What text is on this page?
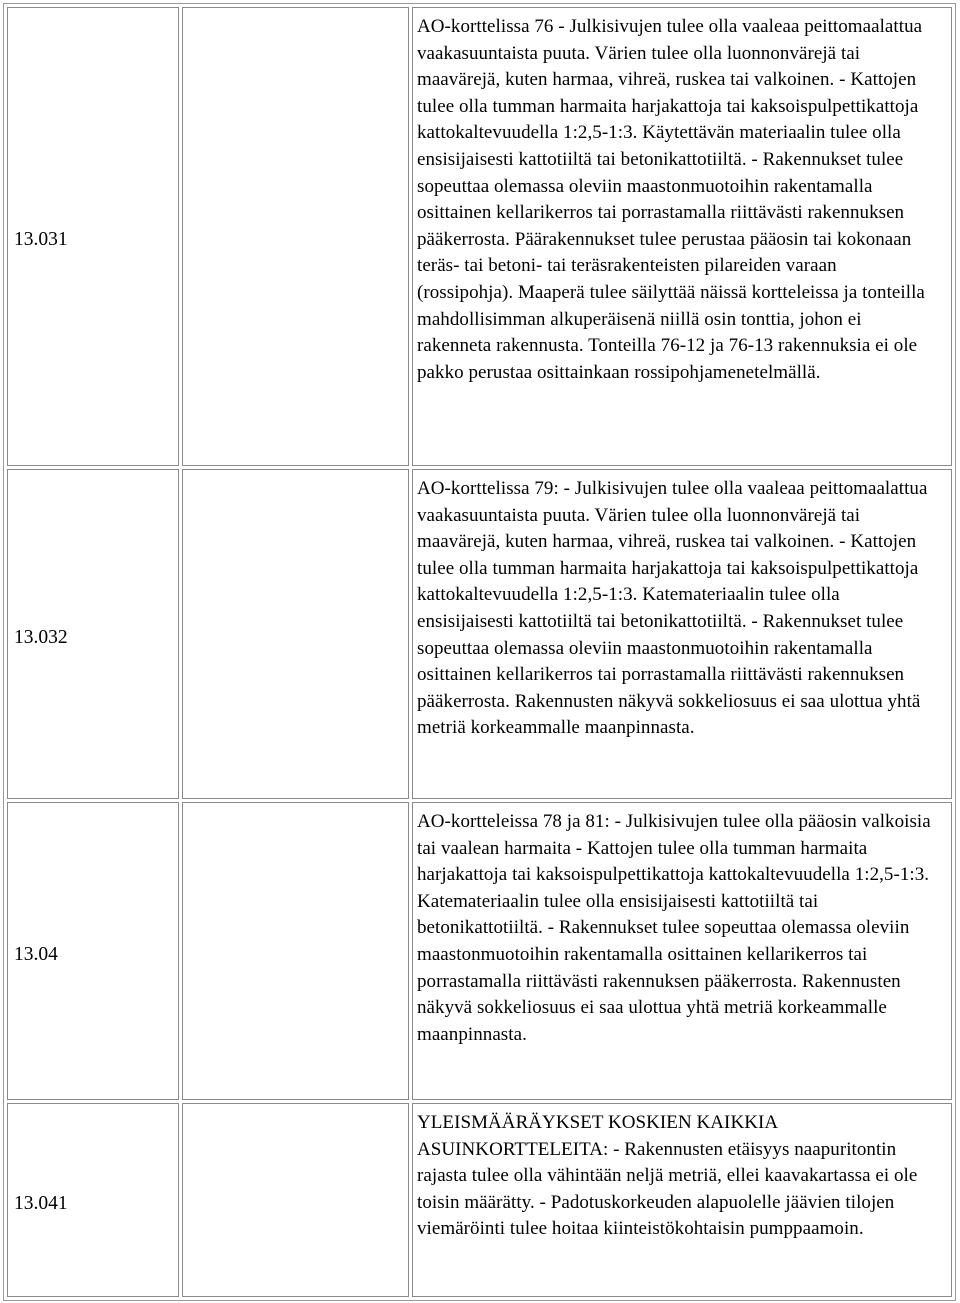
13.031		AO-korttelissa 76 - Julkisivujen tulee olla vaaleaa peittomaalattua vaakasuuntaista puuta. Värien tulee olla luonnonvärejä tai maavärejä, kuten harmaa, vihreä, ruskea tai valkoinen. - Kattojen tulee olla tumman harmaita harjakattoja tai kaksoispulpettikattoja kattokaltevuudella 1:2,5-1:3. Käytettävän materiaalin tulee olla ensisijaisesti kattotiiltä tai betonikattotiiltä. - Rakennukset tulee sopeuttaa olemassa oleviin maastonmuotoihin rakentamalla osittainen kellarikerros tai porrastamalla riittävästi rakennuksen pääkerrosta. Päärakennukset tulee perustaa pääosin tai kokonaan teräs- tai betoni- tai teräsrakenteisten pilareiden varaan (rossipohja). Maaperä tulee säilyttää näissä kortteleissa ja tonteilla mahdollisimman alkuperäisenä niillä osin tonttia, johon ei rakenneta rakennusta. Tonteilla 76-12 ja 76-13 rakennuksia ei ole pakko perustaa osittainkaan rossipohjamenetelmällä.

13.032		AO-korttelissa 79: - Julkisivujen tulee olla vaaleaa peittomaalattua vaakasuuntaista puuta. Värien tulee olla luonnonvärejä tai maavärejä, kuten harmaa, vihreä, ruskea tai valkoinen. - Kattojen tulee olla tumman harmaita harjakattoja tai kaksoispulpettikattoja kattokaltevuudella 1:2,5-1:3. Katemateriaalin tulee olla ensisijaisesti kattotiiltä tai betonikattotiiltä. - Rakennukset tulee sopeuttaa olemassa oleviin maastonmuotoihin rakentamalla osittainen kellarikerros tai porrastamalla riittävästi rakennuksen pääkerrosta. Rakennusten näkyvä sokkeliosuus ei saa ulottua yhtä metriä korkeammalle maanpinnasta.

13.04		AO-kortteleissa 78 ja 81: - Julkisivujen tulee olla pääosin valkoisia tai vaalean harmaita - Kattojen tulee olla tumman harmaita harjakattoja tai kaksoispulpettikattoja kattokaltevuudella 1:2,5-1:3. Katemateriaalin tulee olla ensisijaisesti kattotiiltä tai betonikattotiiltä. - Rakennukset tulee sopeuttaa olemassa oleviin maastonmuotoihin rakentamalla osittainen kellarikerros tai porrastamalla riittävästi rakennuksen pääkerrosta. Rakennusten näkyvä sokkeliosuus ei saa ulottua yhtä metriä korkeammalle maanpinnasta.

13.041		YLEISMÄÄRÄYKSET KOSKIEN KAIKKIA ASUINKORTTELEITA: - Rakennusten etäisyys naapuritontin rajasta tulee olla vähintään neljä metriä, ellei kaavakartassa ei ole toisin määrätty. - Padotuskorkeuden alapuolelle jäävien tilojen viemäröinti tulee hoitaa kiinteistökohtaisin pumppaamoin.
